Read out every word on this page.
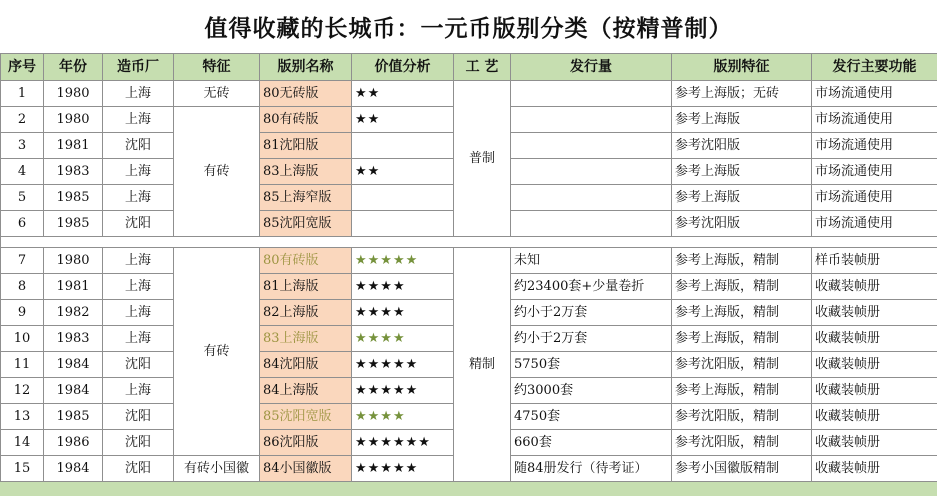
值得收藏的长城币：一元币版别分类（按精普制）
序号	年份	造币厂	特征	版别名称	价值分析	工 艺	发行量	版别特征	发行主要功能
1	1980	上海	无砖	80无砖版	★★	普制		参考上海版；无砖	市场流通使用
2	1980	上海	有砖	80有砖版	★★			参考上海版	市场流通使用
3	1981	沈阳		81沈阳版				参考沈阳版	市场流通使用
4	1983	上海		83上海版	★★			参考上海版	市场流通使用
5	1985	上海		85上海窄版				参考上海版	市场流通使用
6	1985	沈阳		85沈阳宽版				参考沈阳版	市场流通使用

7	1980	上海	有砖	80有砖版	★★★★★	精制	未知	参考上海版，精制	样币装帧册
8	1981	上海		81上海版	★★★★		约23400套+少量卷折	参考上海版，精制	收藏装帧册
9	1982	上海		82上海版	★★★★		约小于2万套	参考上海版，精制	收藏装帧册
10	1983	上海		83上海版	★★★★		约小于2万套	参考上海版，精制	收藏装帧册
11	1984	沈阳		84沈阳版	★★★★★		5750套	参考沈阳版，精制	收藏装帧册
12	1984	上海		84上海版	★★★★★		约3000套	参考上海版，精制	收藏装帧册
13	1985	沈阳		85沈阳宽版	★★★★		4750套	参考沈阳版，精制	收藏装帧册
14	1986	沈阳		86沈阳版	★★★★★★		660套	参考沈阳版，精制	收藏装帧册
15	1984	沈阳	有砖小国徽	84小国徽版	★★★★★		随84册发行（待考证）	参考小国徽版精制	收藏装帧册
